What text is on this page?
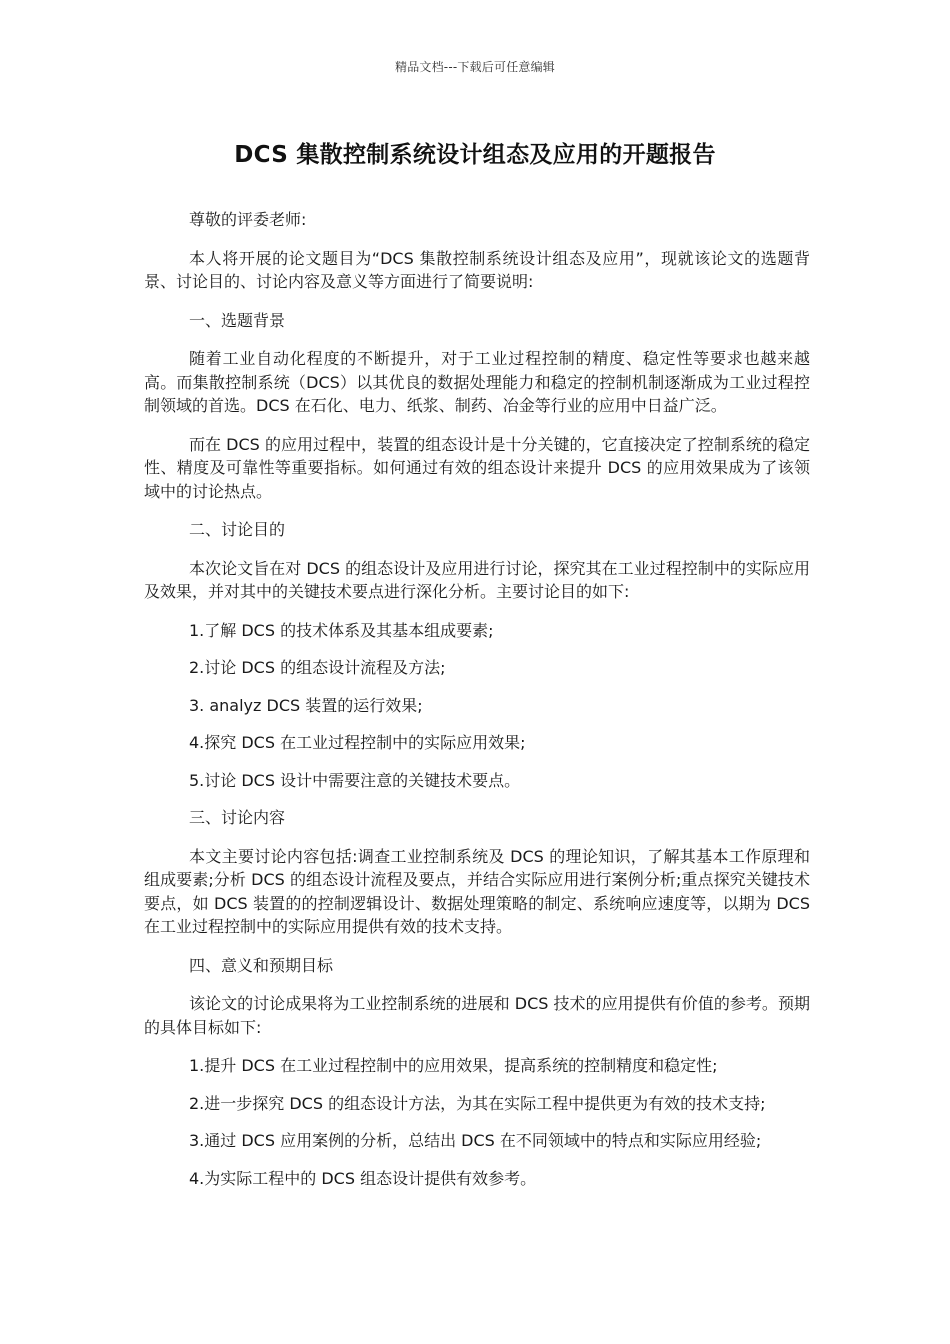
精品文档---下载后可任意编辑
DCS 集散控制系统设计组态及应用的开题报告

尊敬的评委老师:

本人将开展的论文题目为“DCS 集散控制系统设计组态及应用”，现就该论文的选题背景、讨论目的、讨论内容及意义等方面进行了简要说明:

一、选题背景

随着工业自动化程度的不断提升，对于工业过程控制的精度、稳定性等要求也越来越高。而集散控制系统（DCS）以其优良的数据处理能力和稳定的控制机制逐渐成为工业过程控制领域的首选。DCS 在石化、电力、纸浆、制药、冶金等行业的应用中日益广泛。

而在 DCS 的应用过程中，装置的组态设计是十分关键的，它直接决定了控制系统的稳定性、精度及可靠性等重要指标。如何通过有效的组态设计来提升 DCS 的应用效果成为了该领域中的讨论热点。

二、讨论目的

本次论文旨在对 DCS 的组态设计及应用进行讨论，探究其在工业过程控制中的实际应用及效果，并对其中的关键技术要点进行深化分析。主要讨论目的如下:

1.了解 DCS 的技术体系及其基本组成要素;

2.讨论 DCS 的组态设计流程及方法;

3. analyz DCS 装置的运行效果;

4.探究 DCS 在工业过程控制中的实际应用效果;

5.讨论 DCS 设计中需要注意的关键技术要点。

三、讨论内容

本文主要讨论内容包括:调查工业控制系统及 DCS 的理论知识，了解其基本工作原理和组成要素;分析 DCS 的组态设计流程及要点，并结合实际应用进行案例分析;重点探究关键技术要点，如 DCS 装置的的控制逻辑设计、数据处理策略的制定、系统响应速度等，以期为 DCS 在工业过程控制中的实际应用提供有效的技术支持。

四、意义和预期目标

该论文的讨论成果将为工业控制系统的进展和 DCS 技术的应用提供有价值的参考。预期的具体目标如下:

1.提升 DCS 在工业过程控制中的应用效果，提高系统的控制精度和稳定性;

2.进一步探究 DCS 的组态设计方法，为其在实际工程中提供更为有效的技术支持;

3.通过 DCS 应用案例的分析，总结出 DCS 在不同领域中的特点和实际应用经验;

4.为实际工程中的 DCS 组态设计提供有效参考。
